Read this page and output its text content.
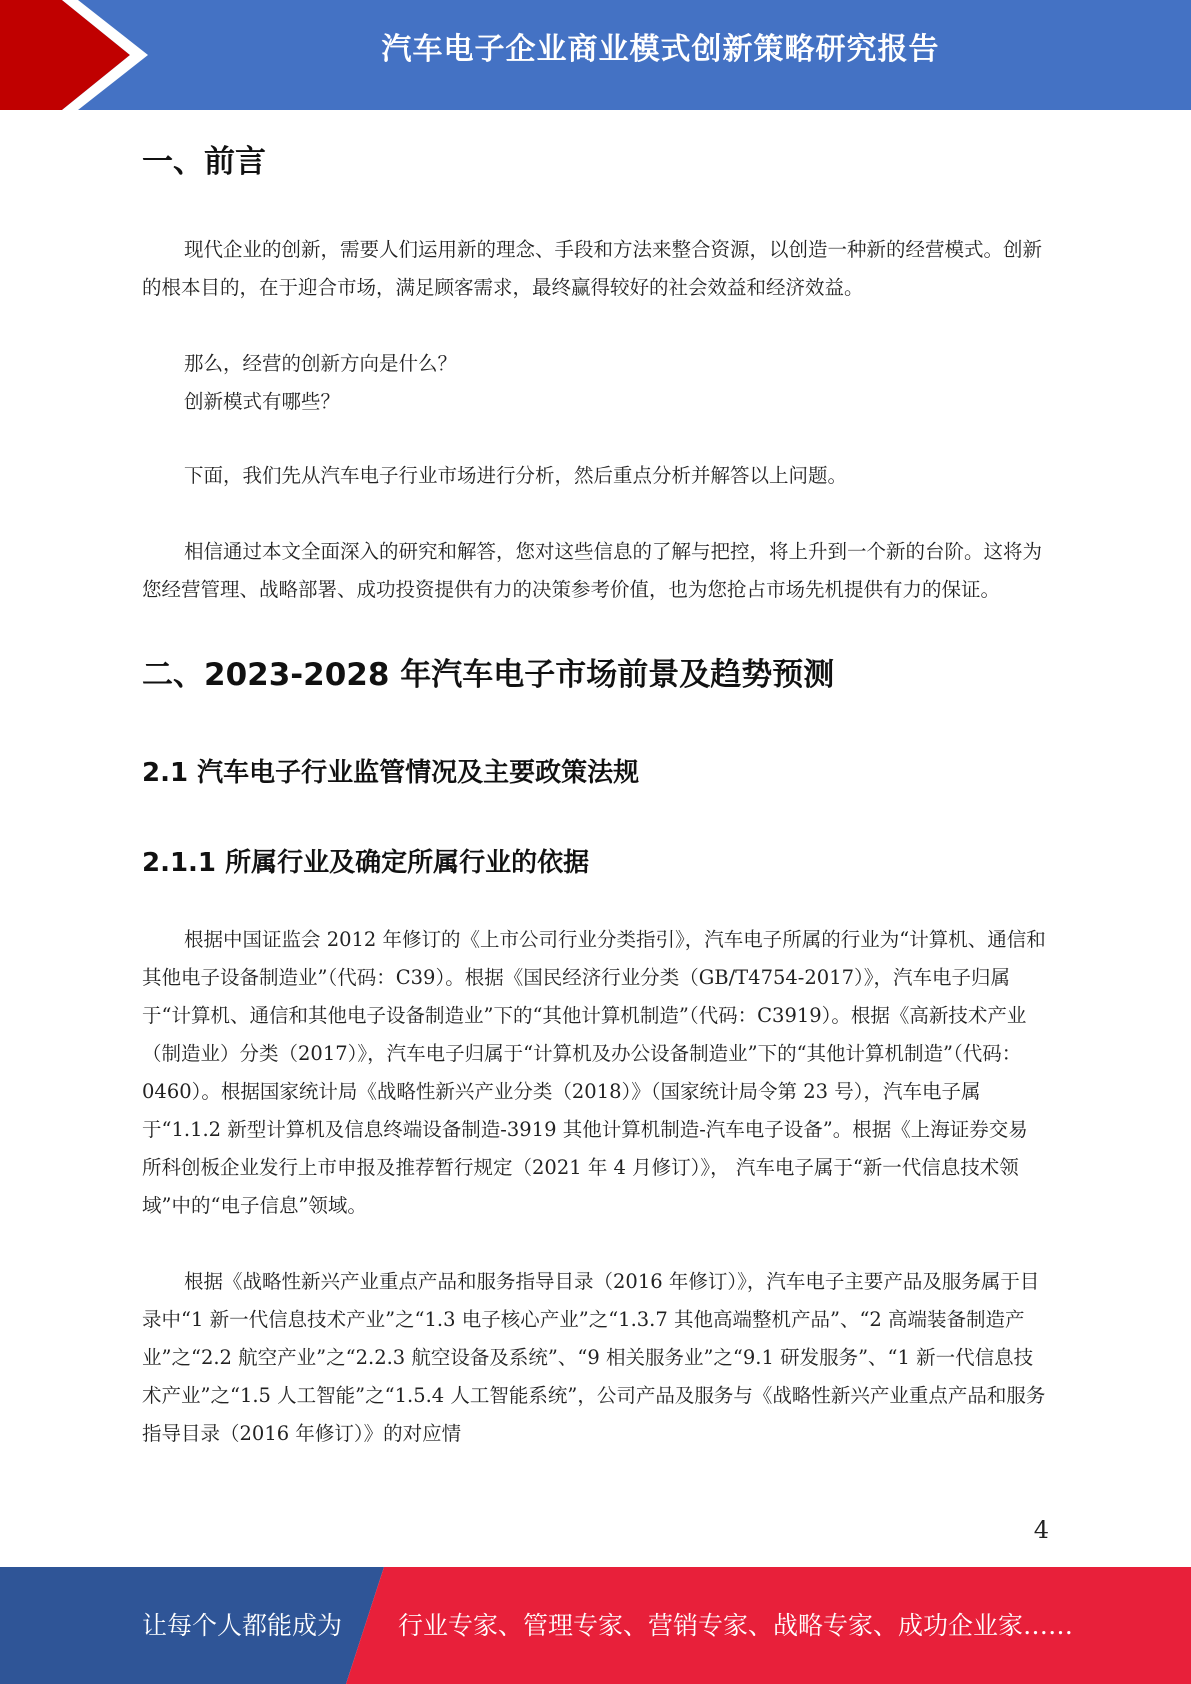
汽车电子企业商业模式创新策略研究报告
一、前言

现代企业的创新，需要人们运用新的理念、手段和方法来整合资源，以创造一种新的经营模式。创新的根本目的，在于迎合市场，满足顾客需求，最终赢得较好的社会效益和经济效益。

那么，经营的创新方向是什么？

创新模式有哪些？

下面，我们先从汽车电子行业市场进行分析，然后重点分析并解答以上问题。

相信通过本文全面深入的研究和解答，您对这些信息的了解与把控，将上升到一个新的台阶。这将为您经营管理、战略部署、成功投资提供有力的决策参考价值，也为您抢占市场先机提供有力的保证。

二、2023-2028 年汽车电子市场前景及趋势预测
2.1 汽车电子行业监管情况及主要政策法规
2.1.1 所属行业及确定所属行业的依据

根据中国证监会 2012 年修订的《上市公司行业分类指引》，汽车电子所属的行业为“计算机、通信和其他电子设备制造业”（代码：C39）。根据《国民经济行业分类（GB/T4754-2017）》，汽车电子归属于“计算机、通信和其他电子设备制造业”下的“其他计算机制造”（代码：C3919）。根据《高新技术产业（制造业）分类（2017）》，汽车电子归属于“计算机及办公设备制造业”下的“其他计算机制造”（代码：0460）。根据国家统计局《战略性新兴产业分类（2018）》（国家统计局令第 23 号），汽车电子属于“1.1.2 新型计算机及信息终端设备制造-3919 其他计算机制造-汽车电子设备”。根据《上海证券交易所科创板企业发行上市申报及推荐暂行规定（2021 年 4 月修订）》， 汽车电子属于“新一代信息技术领域”中的“电子信息”领域。

根据《战略性新兴产业重点产品和服务指导目录（2016 年修订）》，汽车电子主要产品及服务属于目录中“1 新一代信息技术产业”之“1.3 电子核心产业”之“1.3.7 其他高端整机产品”、“2 高端装备制造产业”之“2.2 航空产业”之“2.2.3 航空设备及系统”、“9 相关服务业”之“9.1 研发服务”、“1 新一代信息技术产业”之“1.5 人工智能”之“1.5.4 人工智能系统”，公司产品及服务与《战略性新兴产业重点产品和服务指导目录（2016 年修订）》的对应情

4
让每个人都能成为 行业专家、管理专家、营销专家、战略专家、成功企业家……
